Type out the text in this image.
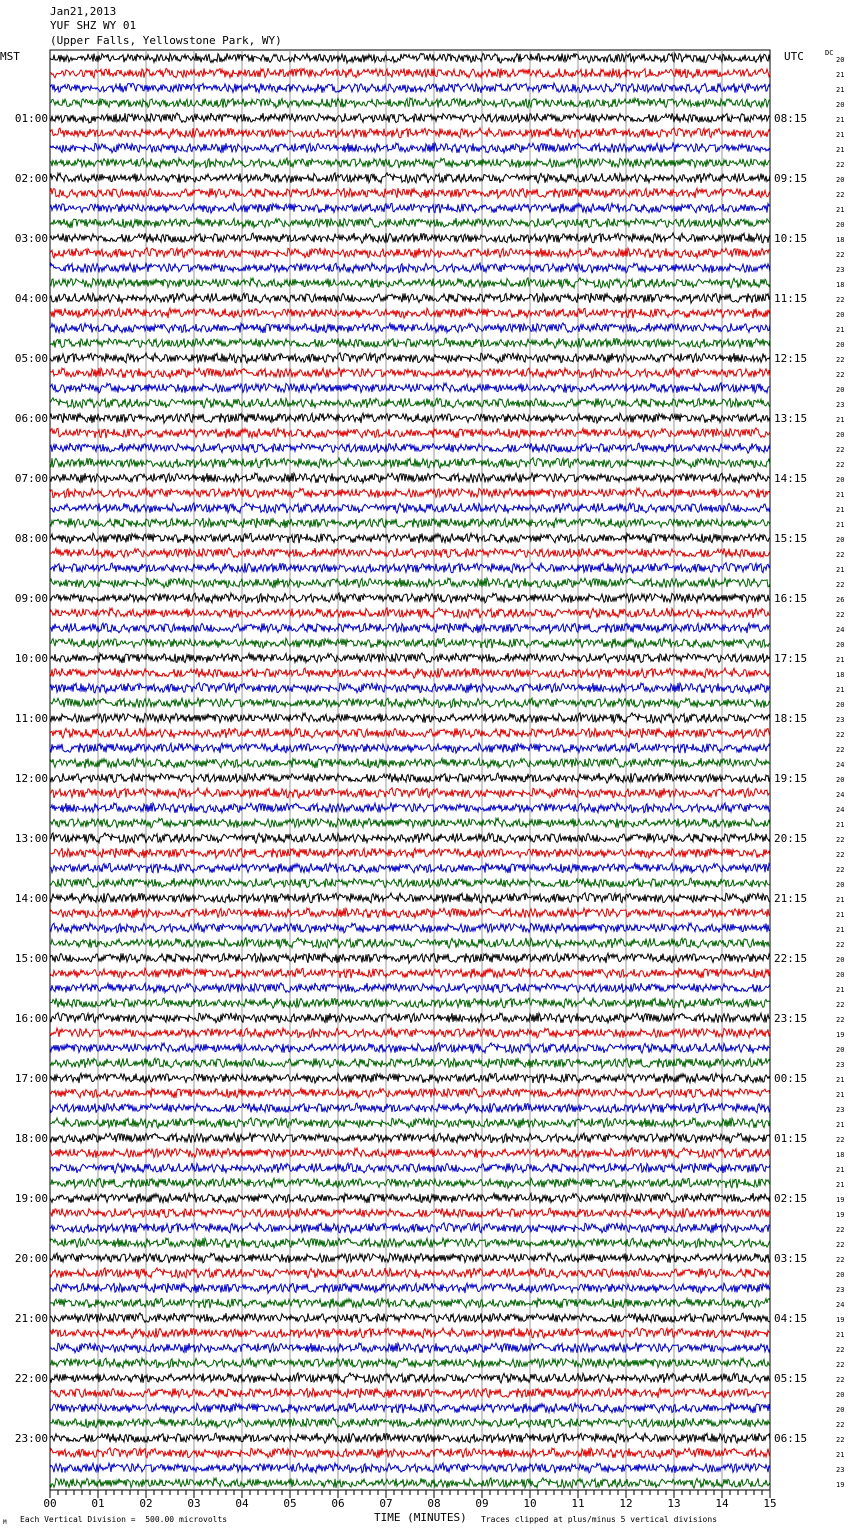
Jan21,2013
YUF SHZ WY 01
(Upper Falls, Yellowstone Park, WY)
MST	UTC	DC
20
21
21
20
21
21
21
22
20
22
21
20
18
22
23
18
22
20
21
20
22
22
20
23
21
20
22
22
20
21
21
21
20
22
21
22
26
22
24
20
21
18
21
20
23
22
22
24
20
24
24
21
22
22
22
20
21
21
21
22
20
20
21
22
22
19
20
23
21
21
23
21
22
18
21
21
19
19
22
22
22
20
23
24
19
21
22
22
22
20
20
22
22
21
23
19
01:00
02:00
03:00
04:00
05:00
06:00
07:00
08:00
09:00
10:00
11:00
12:00
13:00
14:00
15:00
16:00
17:00
18:00
19:00
20:00
21:00
22:00
23:00
08:15
09:15
10:15
11:15
12:15
13:15
14:15
15:15
16:15
17:15
18:15
19:15
20:15
21:15
22:15
23:15
00:15
01:15
02:15
03:15
04:15
05:15
06:15
00	01	02	03	04	05	06	07	08	09	10	11	12	13	14	15
M Each Vertical Division =  500.00 microvolts	TIME (MINUTES) Traces clipped at plus/minus 5 vertical divisions
